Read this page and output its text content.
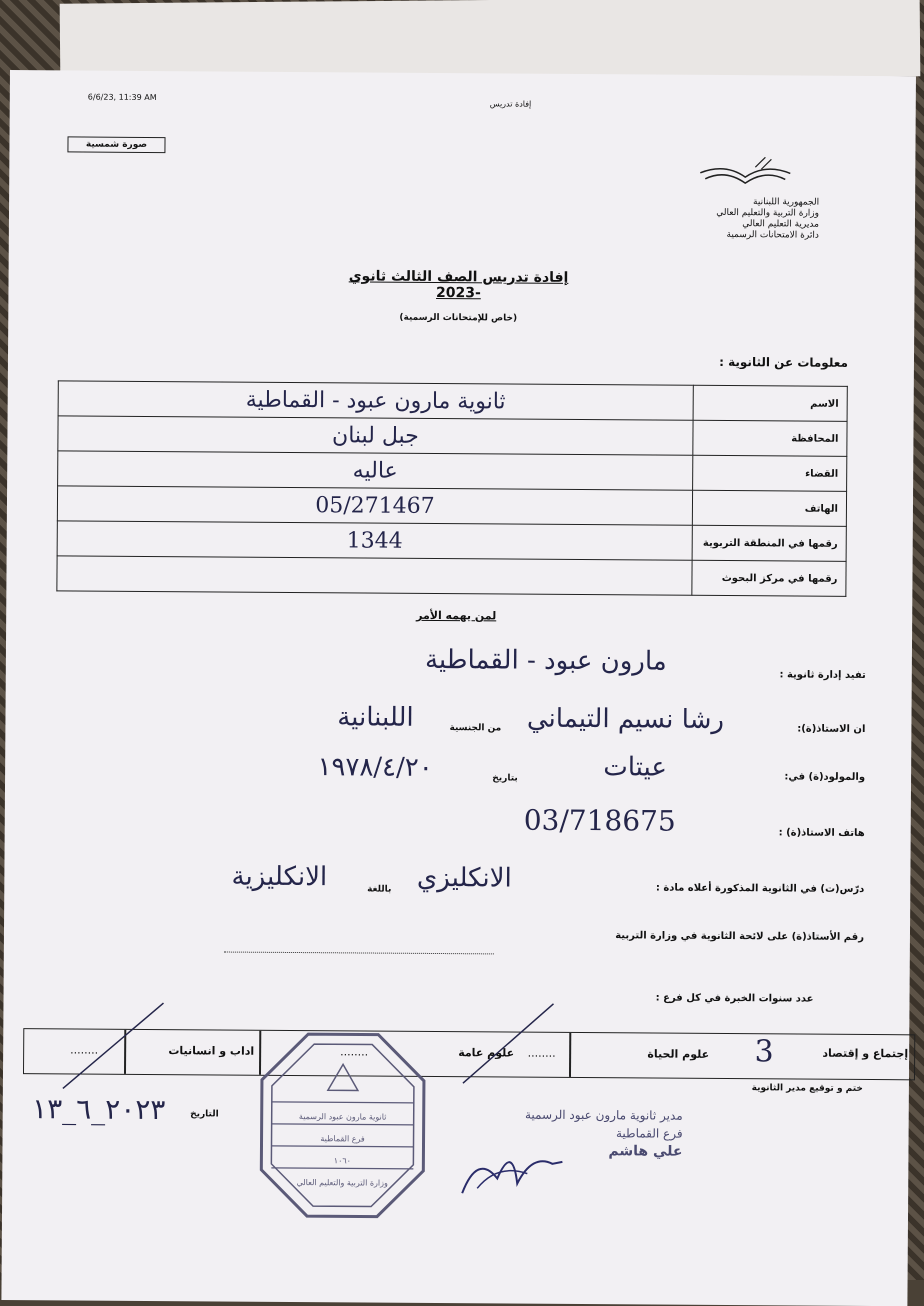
6/6/23, 11:39 AM
إفادة تدريس
صورة شمسية
الجمهورية اللبنانية
وزارة التربية والتعليم العالي
مديرية التعليم العالي
دائرة الامتحانات الرسمية
إفادة تدريس الصف الثالث ثانوي -2023
(خاص للإمتحانات الرسمية)
معلومات عن الثانوية :
الاسم	ثانوية مارون عبود - القماطية
المحافظة	جبل لبنان
القضاء	عاليه
الهاتف	05/271467
رقمها في المنطقة التربوية	1344
رقمها في مركز البحوث	
لمن يهمه الأمر
تفيد إدارة ثانوية :
مارون عبود - القماطية
ان الاستاذ(ة):
رشا نسيم التيماني
من الجنسية
اللبنانية
والمولود(ة) في:
عيتات
بتاريخ
١٩٧٨/٤/٢٠
هاتف الاستاذ(ة) :
03/718675
درّس(ت) في الثانوية المذكورة أعلاه مادة :
الانكليزي
باللغة
الانكليزية
رقم الأستاذ(ة) على لائحة الثانوية في وزارة التربية
عدد سنوات الخبرة في كل فرع :
إجتماع و إقتصاد
3
علوم الحياة
........
علوم عامة
........
اداب و انسانيات
........
ختم و توقيع مدير الثانوية
التاريخ
٢٠٢٣_٦_١٣	مدير ثانوية مارون عبود الرسمية
فرع القماطية
علي هاشم
ثانوية مارون عبود الرسمية
فرع القماطية
١٠٦٠
وزارة التربية والتعليم العالي
